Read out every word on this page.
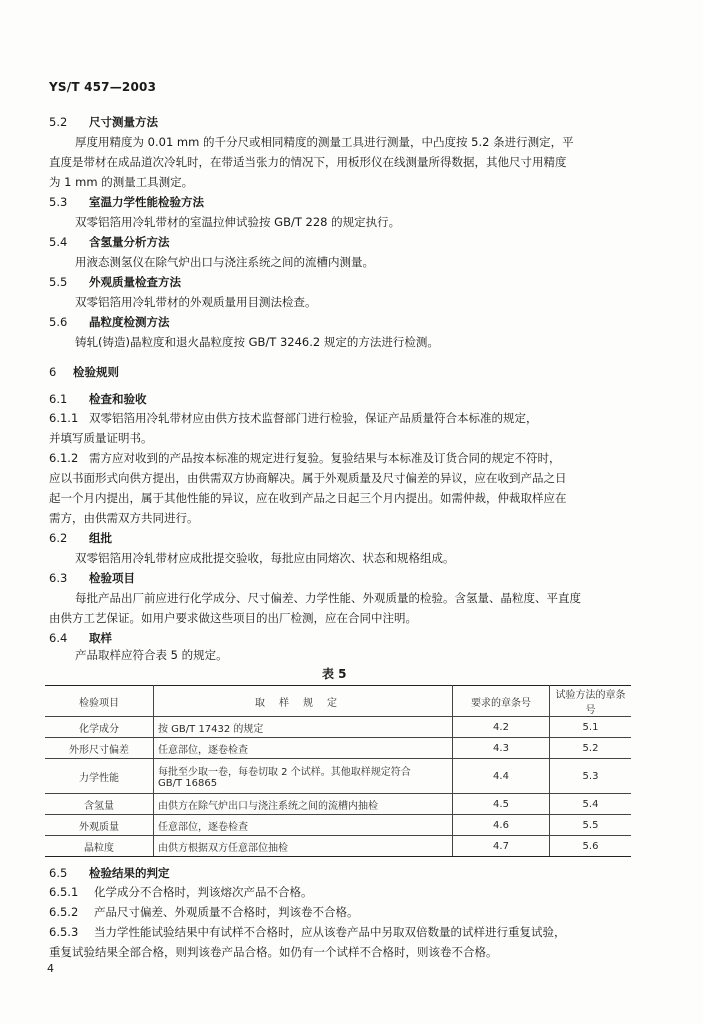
YS/T 457—2003
5.2 尺寸测量方法
厚度用精度为 0.01 mm 的千分尺或相同精度的测量工具进行测量，中凸度按 5.2 条进行测定，平
直度是带材在成品道次冷轧时，在带适当张力的情况下，用板形仪在线测量所得数据，其他尺寸用精度
为 1 mm 的测量工具测定。
5.3 室温力学性能检验方法
双零铝箔用冷轧带材的室温拉伸试验按 GB/T 228 的规定执行。
5.4 含氢量分析方法
用液态测氢仪在除气炉出口与浇注系统之间的流槽内测量。
5.5 外观质量检查方法
双零铝箔用冷轧带材的外观质量用目测法检查。
5.6 晶粒度检测方法
铸轧(铸造)晶粒度和退火晶粒度按 GB/T 3246.2 规定的方法进行检测。
6 检验规则
6.1 检查和验收
6.1.1 双零铝箔用冷轧带材应由供方技术监督部门进行检验，保证产品质量符合本标准的规定，
并填写质量证明书。
6.1.2 需方应对收到的产品按本标准的规定进行复验。复验结果与本标准及订货合同的规定不符时，
应以书面形式向供方提出，由供需双方协商解决。属于外观质量及尺寸偏差的异议，应在收到产品之日
起一个月内提出，属于其他性能的异议，应在收到产品之日起三个月内提出。如需仲裁，仲裁取样应在
需方，由供需双方共同进行。
6.2 组批
双零铝箔用冷轧带材应成批提交验收，每批应由同熔次、状态和规格组成。
6.3 检验项目
每批产品出厂前应进行化学成分、尺寸偏差、力学性能、外观质量的检验。含氢量、晶粒度、平直度
由供方工艺保证。如用户要求做这些项目的出厂检测，应在合同中注明。
6.4 取样
产品取样应符合表 5 的规定。
表 5
检验项目	取样规定	要求的章条号	试验方法的章条号
化学成分	按 GB/T 17432 的规定	4.2	5.1
外形尺寸偏差	任意部位，逐卷检查	4.3	5.2
力学性能	每批至少取一卷，每卷切取 2 个试样。其他取样规定符合
GB/T 16865	4.4	5.3
含氢量	由供方在除气炉出口与浇注系统之间的流槽内抽检	4.5	5.4
外观质量	任意部位，逐卷检查	4.6	5.5
晶粒度	由供方根据双方任意部位抽检	4.7	5.6
6.5 检验结果的判定
6.5.1 化学成分不合格时，判该熔次产品不合格。
6.5.2 产品尺寸偏差、外观质量不合格时，判该卷不合格。
6.5.3 当力学性能试验结果中有试样不合格时，应从该卷产品中另取双倍数量的试样进行重复试验，
重复试验结果全部合格，则判该卷产品合格。如仍有一个试样不合格时，则该卷不合格。
4
